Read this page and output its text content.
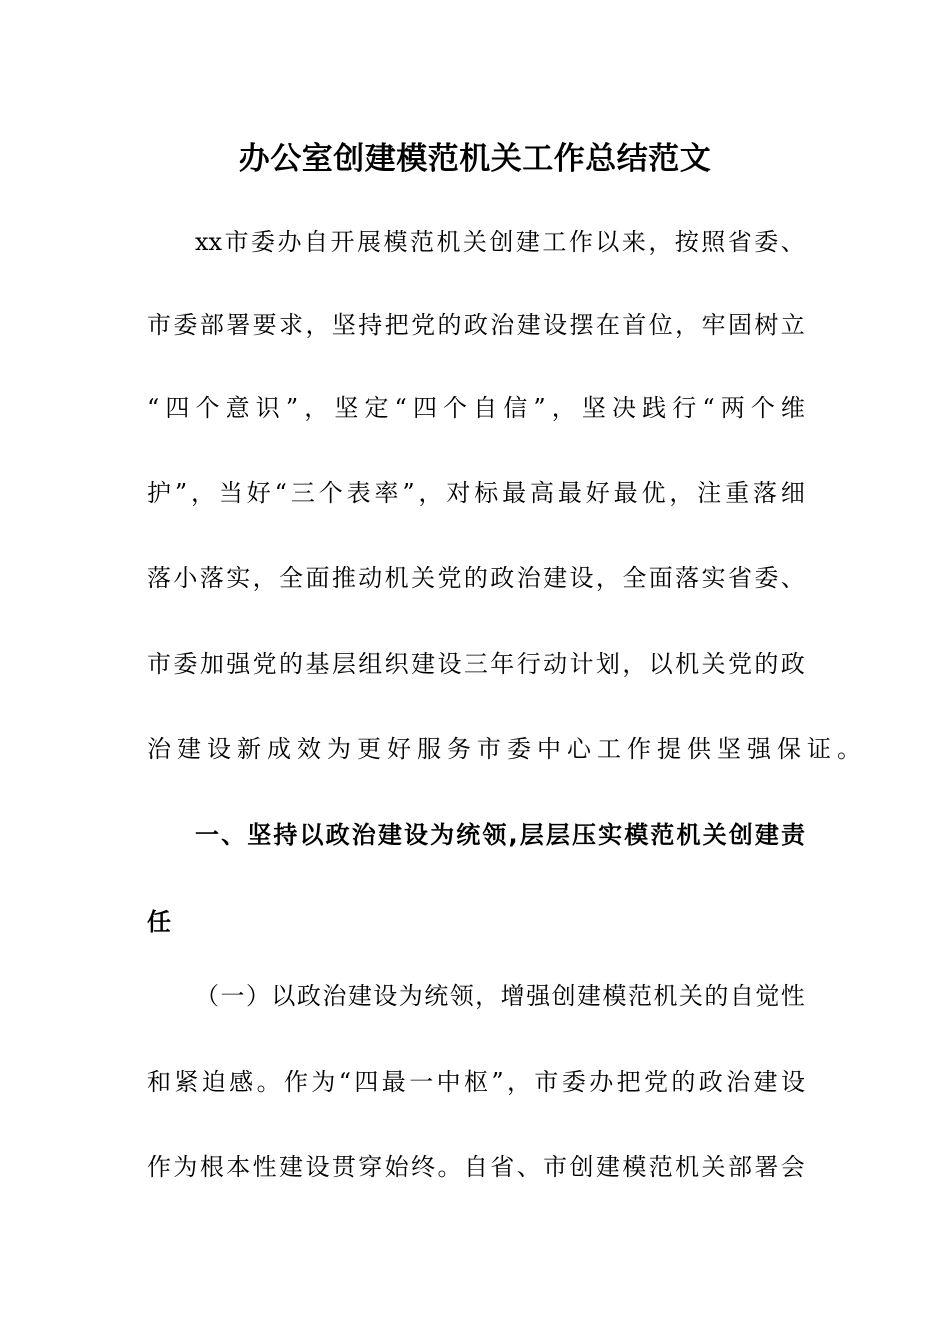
办公室创建模范机关工作总结范文
xx 市 委 办 自 开 展 模 范 机 关 创 建 工 作 以 来 ， 按 照 省 委 、
市 委 部 署 要 求 ， 坚 持 把 党 的 政 治 建 设 摆 在 首 位 ， 牢 固 树 立
“ 四 个 意 识 ” ， 坚 定 “ 四 个 自 信 ” ， 坚 决 践 行 “ 两 个 维
护 ” ， 当 好 “ 三 个 表 率 ” ， 对 标 最 高 最 好 最 优 ， 注 重 落 细
落 小 落 实 ， 全 面 推 动 机 关 党 的 政 治 建 设 ， 全 面 落 实 省 委 、
市 委 加 强 党 的 基 层 组 织 建 设 三 年 行 动 计 划 ， 以 机 关 党 的 政
治建设新成效为更好服务市委中心工作提供坚强保证。
一 、 坚 持 以 政 治 建 设 为 统 领 , 层 层 压 实 模 范 机 关 创 建 责
任
（ 一 ） 以 政 治 建 设 为 统 领 ， 增 强 创 建 模 范 机 关 的 自 觉 性
和 紧 迫 感 。 作 为 “ 四 最 一 中 枢 ” ， 市 委 办 把 党 的 政 治 建 设
作 为 根 本 性 建 设 贯 穿 始 终 。 自 省 、 市 创 建 模 范 机 关 部 署 会
